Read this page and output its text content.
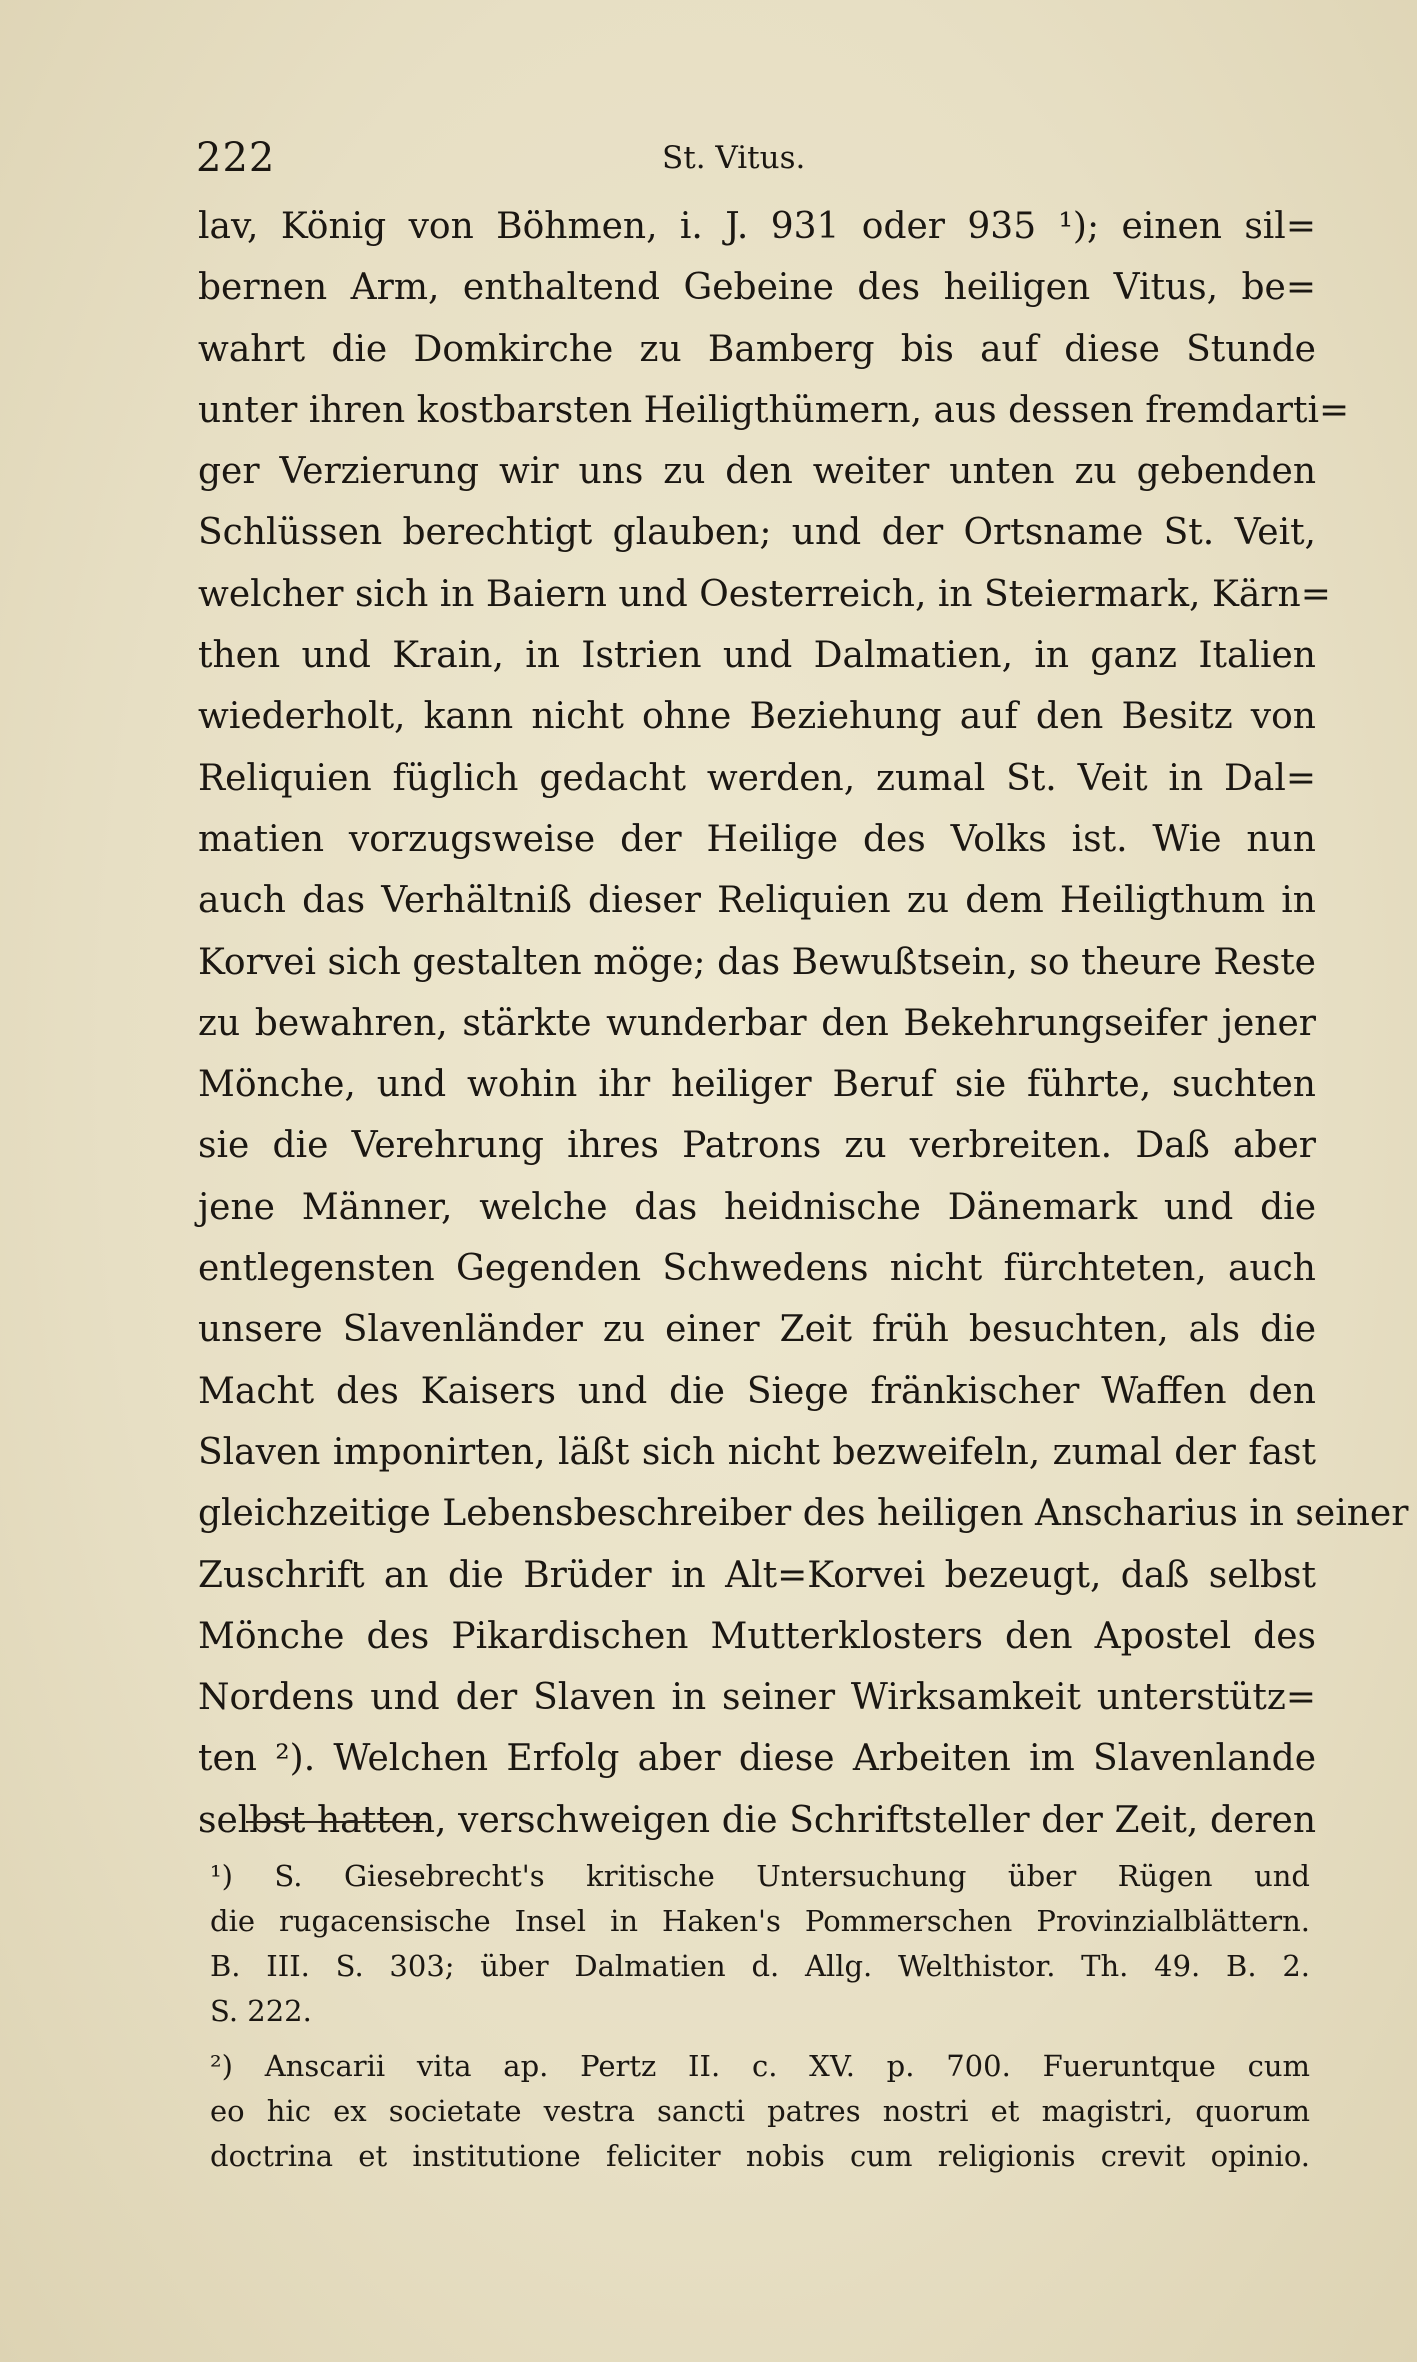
222	St. Vitus.
lav, König von Böhmen, i. J. 931 oder 935 ¹); einen sil=
bernen Arm, enthaltend Gebeine des heiligen Vitus, be=
wahrt die Domkirche zu Bamberg bis auf diese Stunde
unter ihren kostbarsten Heiligthümern, aus dessen fremdarti=
ger Verzierung wir uns zu den weiter unten zu gebenden
Schlüssen berechtigt glauben; und der Ortsname St. Veit,
welcher sich in Baiern und Oesterreich, in Steiermark, Kärn=
then und Krain, in Istrien und Dalmatien, in ganz Italien
wiederholt, kann nicht ohne Beziehung auf den Besitz von
Reliquien füglich gedacht werden, zumal St. Veit in Dal=
matien vorzugsweise der Heilige des Volks ist. Wie nun
auch das Verhältniß dieser Reliquien zu dem Heiligthum in
Korvei sich gestalten möge; das Bewußtsein, so theure Reste
zu bewahren, stärkte wunderbar den Bekehrungseifer jener
Mönche, und wohin ihr heiliger Beruf sie führte, suchten
sie die Verehrung ihres Patrons zu verbreiten. Daß aber
jene Männer, welche das heidnische Dänemark und die
entlegensten Gegenden Schwedens nicht fürchteten, auch
unsere Slavenländer zu einer Zeit früh besuchten, als die
Macht des Kaisers und die Siege fränkischer Waffen den
Slaven imponirten, läßt sich nicht bezweifeln, zumal der fast
gleichzeitige Lebensbeschreiber des heiligen Anscharius in seiner
Zuschrift an die Brüder in Alt=Korvei bezeugt, daß selbst
Mönche des Pikardischen Mutterklosters den Apostel des
Nordens und der Slaven in seiner Wirksamkeit unterstütz=
ten ²). Welchen Erfolg aber diese Arbeiten im Slavenlande
selbst hatten, verschweigen die Schriftsteller der Zeit, deren
¹) S. Giesebrecht's kritische Untersuchung über Rügen und
die rugacensische Insel in Haken's Pommerschen Provinzialblättern.
B. III. S. 303; über Dalmatien d. Allg. Welthistor. Th. 49. B. 2.
S. 222.
²) Anscarii vita ap. Pertz II. c. XV. p. 700. Fueruntque cum
eo hic ex societate vestra sancti patres nostri et magistri, quorum
doctrina et institutione feliciter nobis cum religionis crevit opinio.
